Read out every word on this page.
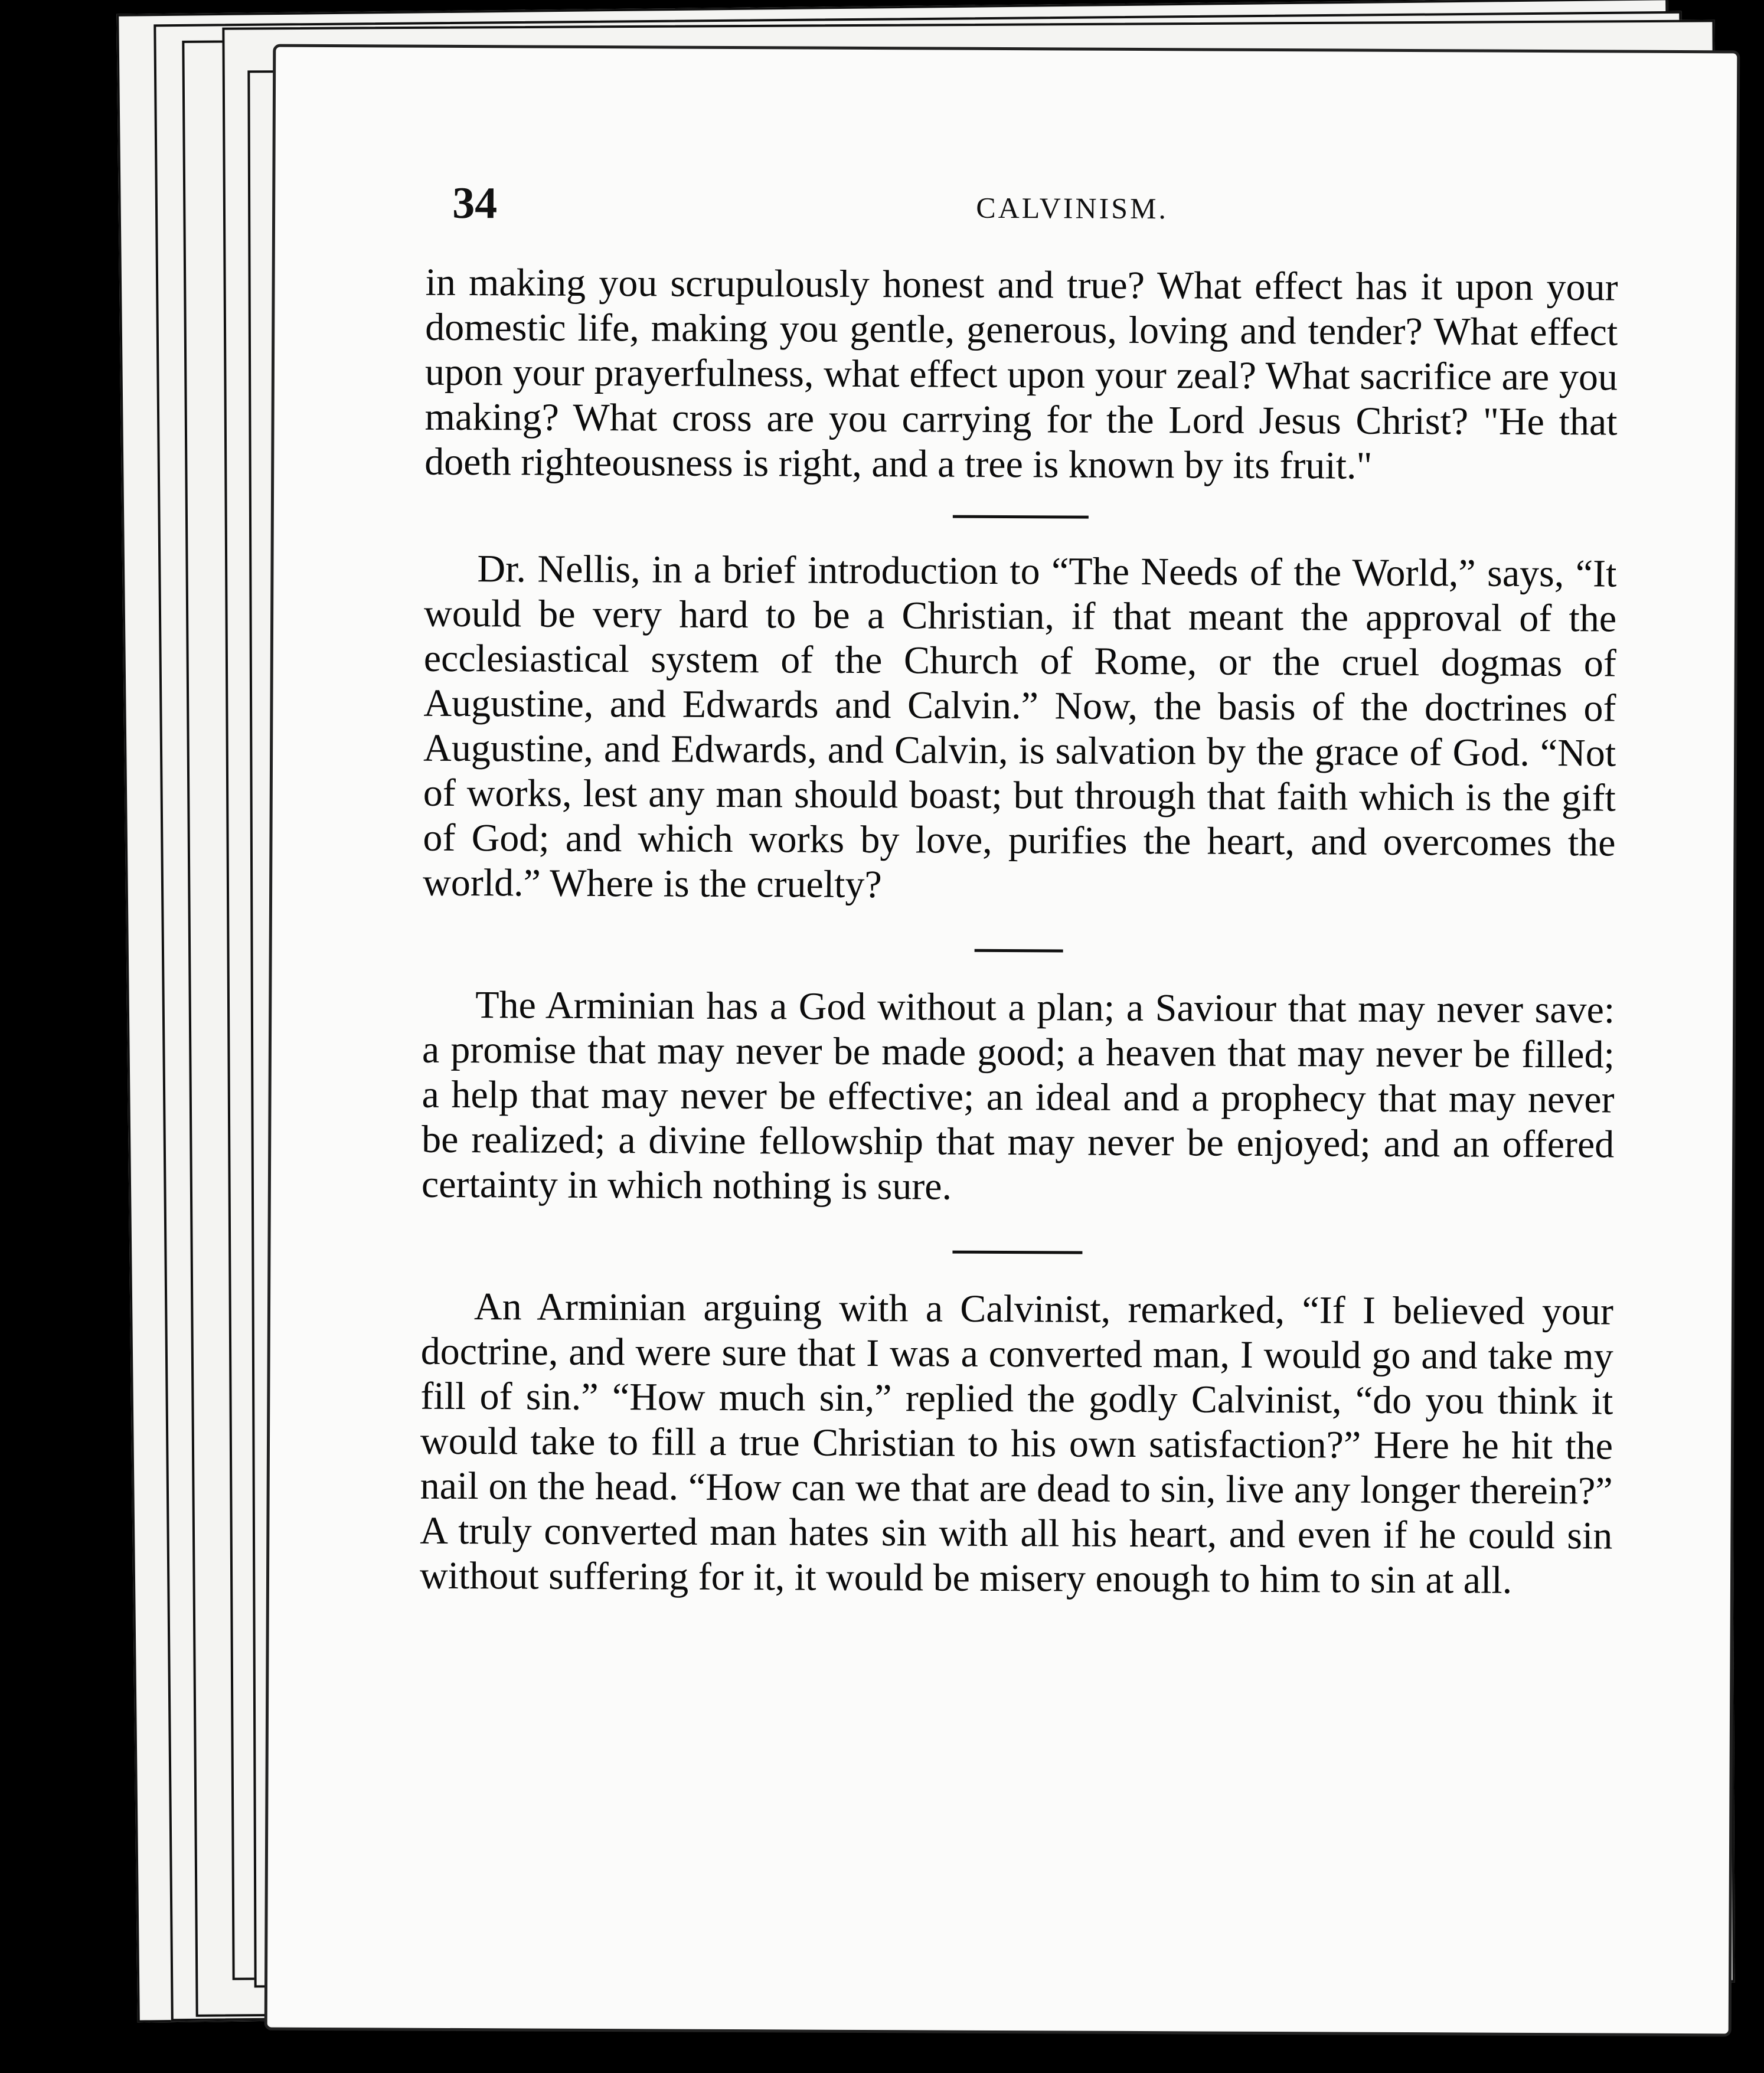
34	CALVINISM.

in making you scrupulously honest and true? What effect has it upon your domestic life, making you gentle, generous, loving and tender? What effect upon your prayerfulness, what effect upon your zeal? What sacrifice are you making? What cross are you carrying for the Lord Jesus Christ? "He that doeth righteousness is right, and a tree is known by its fruit."

Dr. Nellis, in a brief introduction to “The Needs of the World,” says, “It would be very hard to be a Christian, if that meant the approval of the ecclesiastical system of the Church of Rome, or the cruel dogmas of Augustine, and Edwards and Calvin.” Now, the basis of the doctrines of Augustine, and Edwards, and Calvin, is salvation by the grace of God. “Not of works, lest any man should boast; but through that faith which is the gift of God; and which works by love, purifies the heart, and overcomes the world.” Where is the cruelty?

The Arminian has a God without a plan; a Saviour that may never save: a promise that may never be made good; a heaven that may never be filled; a help that may never be effective; an ideal and a prophecy that may never be realized; a divine fellowship that may never be enjoyed; and an offered certainty in which nothing is sure.

An Arminian arguing with a Calvinist, remarked, “If I believed your doctrine, and were sure that I was a converted man, I would go and take my fill of sin.” “How much sin,” replied the godly Calvinist, “do you think it would take to fill a true Christian to his own satisfaction?” Here he hit the nail on the head. “How can we that are dead to sin, live any longer therein?” A truly converted man hates sin with all his heart, and even if he could sin without suffering for it, it would be misery enough to him to sin at all.
